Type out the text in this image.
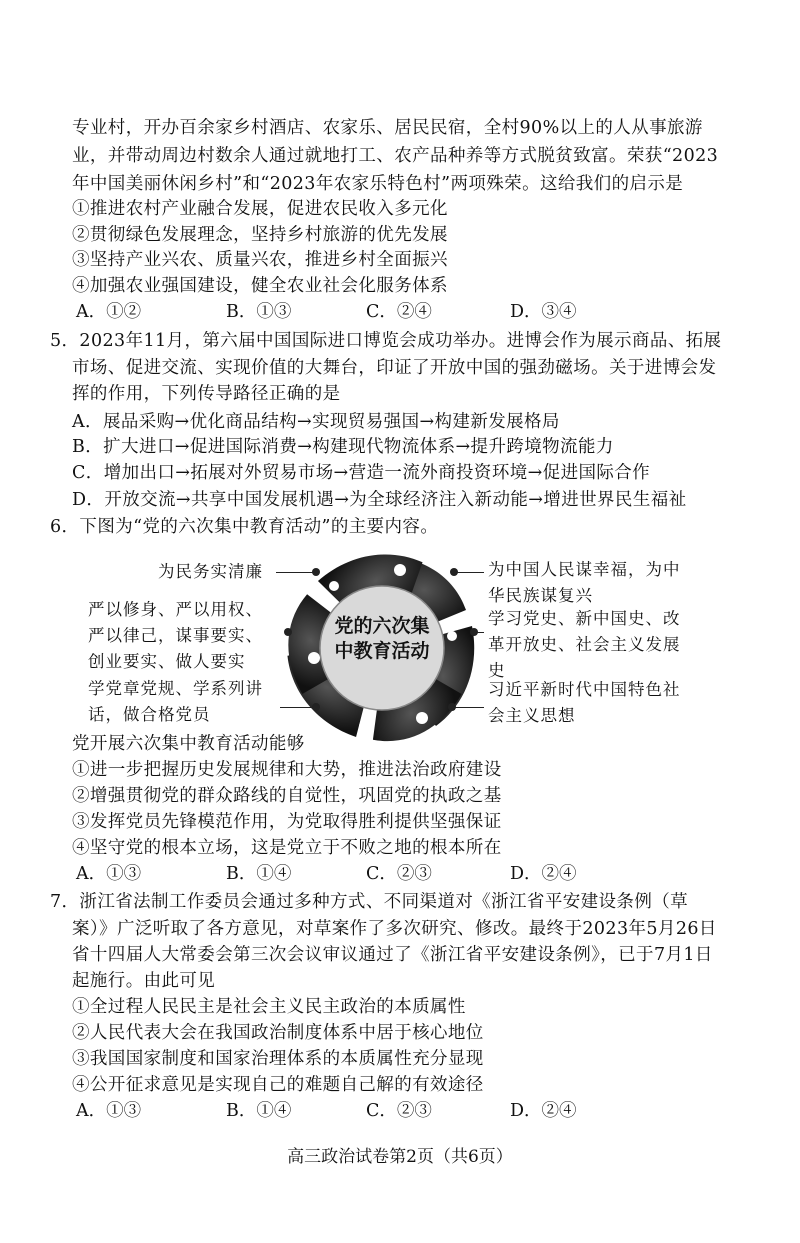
专业村，开办百余家乡村酒店、农家乐、居民民宿，全村90%以上的人从事旅游
业，并带动周边村数余人通过就地打工、农产品种养等方式脱贫致富。荣获“2023
年中国美丽休闲乡村”和“2023年农家乐特色村”两项殊荣。这给我们的启示是
①推进农村产业融合发展，促进农民收入多元化
②贯彻绿色发展理念，坚持乡村旅游的优先发展
③坚持产业兴农、质量兴农，推进乡村全面振兴
④加强农业强国建设，健全农业社会化服务体系
A．①②	B．①③	C．②④	D．③④
5．2023年11月，第六届中国国际进口博览会成功举办。进博会作为展示商品、拓展
市场、促进交流、实现价值的大舞台，印证了开放中国的强劲磁场。关于进博会发
挥的作用，下列传导路径正确的是
A．展品采购→优化商品结构→实现贸易强国→构建新发展格局
B．扩大进口→促进国际消费→构建现代物流体系→提升跨境物流能力
C．增加出口→拓展对外贸易市场→营造一流外商投资环境→促进国际合作
D．开放交流→共享中国发展机遇→为全球经济注入新动能→增进世界民生福祉
6．下图为“党的六次集中教育活动”的主要内容。
党的六次集
中教育活动
为民务实清廉
严以修身、严以用权、
严以律己，谋事要实、
创业要实、做人要实
学党章党规、学系列讲
话，做合格党员
为中国人民谋幸福，为中
华民族谋复兴
学习党史、新中国史、改
革开放史、社会主义发展
史
习近平新时代中国特色社
会主义思想
党开展六次集中教育活动能够
①进一步把握历史发展规律和大势，推进法治政府建设
②增强贯彻党的群众路线的自觉性，巩固党的执政之基
③发挥党员先锋模范作用，为党取得胜利提供坚强保证
④坚守党的根本立场，这是党立于不败之地的根本所在
A．①③	B．①④	C．②③	D．②④
7．浙江省法制工作委员会通过多种方式、不同渠道对《浙江省平安建设条例（草
案）》广泛听取了各方意见，对草案作了多次研究、修改。最终于2023年5月26日
省十四届人大常委会第三次会议审议通过了《浙江省平安建设条例》，已于7月1日
起施行。由此可见
①全过程人民民主是社会主义民主政治的本质属性
②人民代表大会在我国政治制度体系中居于核心地位
③我国国家制度和国家治理体系的本质属性充分显现
④公开征求意见是实现自己的难题自己解的有效途径
A．①③	B．①④	C．②③	D．②④
高三政治试卷第2页（共6页）
